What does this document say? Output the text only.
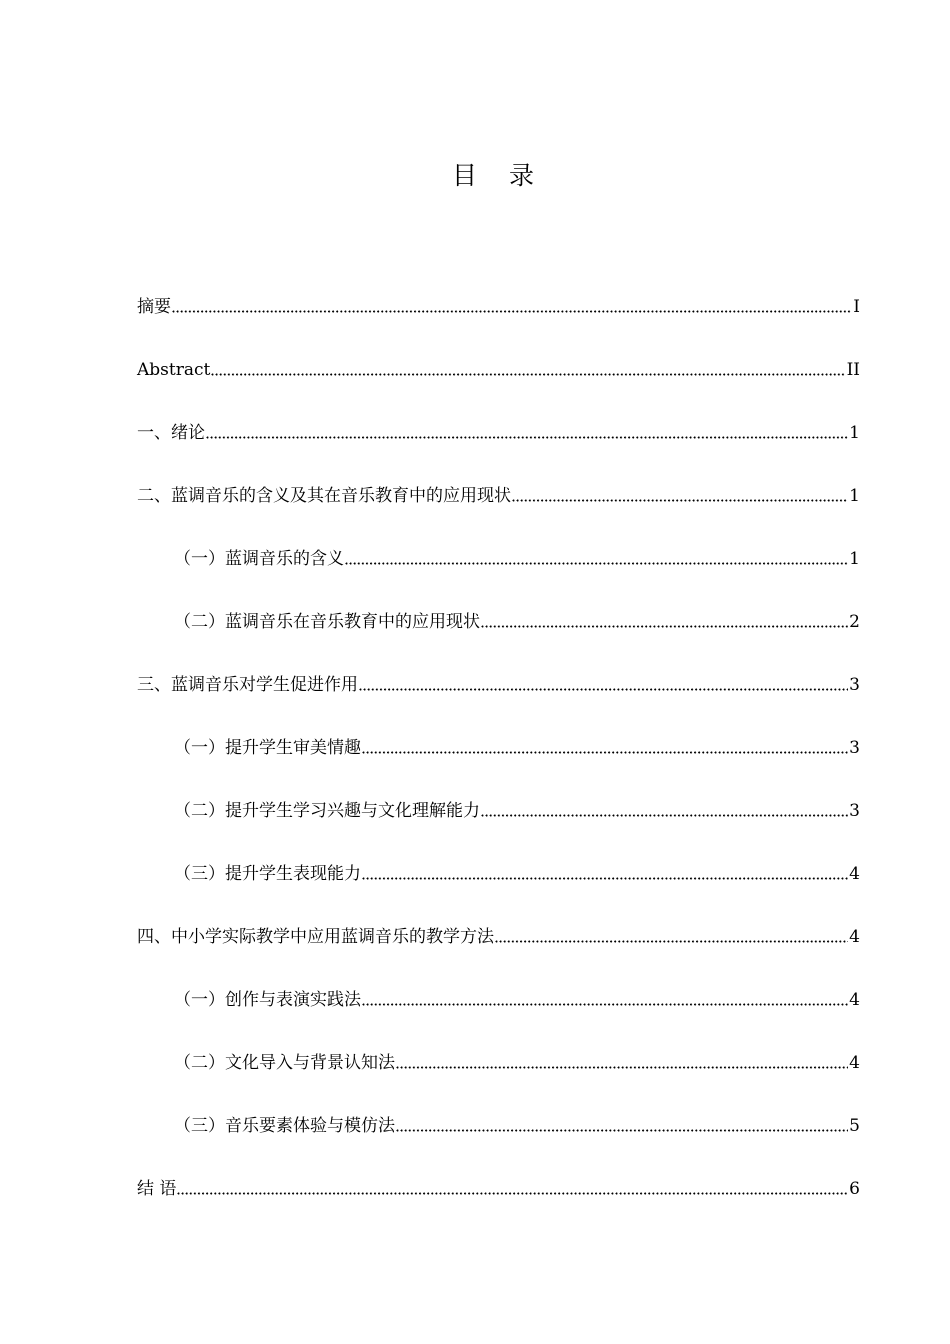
目 录
摘要	I
Abstract	II
一、绪论	1
二、蓝调音乐的含义及其在音乐教育中的应用现状	1
（一）蓝调音乐的含义	1
（二）蓝调音乐在音乐教育中的应用现状	2
三、蓝调音乐对学生促进作用	3
（一）提升学生审美情趣	3
（二）提升学生学习兴趣与文化理解能力	3
（三）提升学生表现能力	4
四、中小学实际教学中应用蓝调音乐的教学方法	4
（一）创作与表演实践法	4
（二）文化导入与背景认知法	4
（三）音乐要素体验与模仿法	5
结 语	6
